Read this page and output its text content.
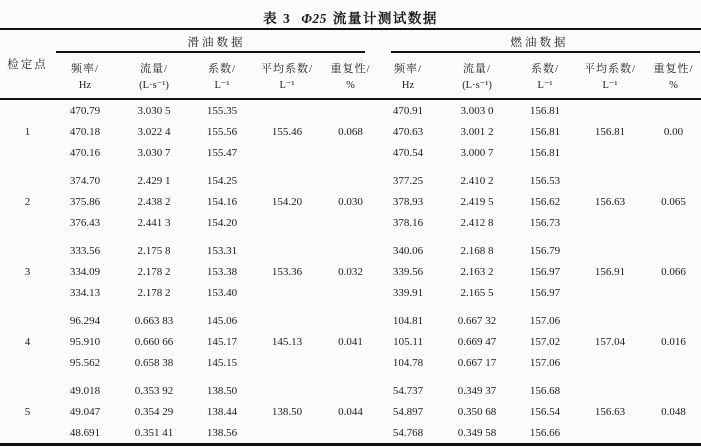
表 3 Φ25 流量计测试数据
检定点	滑油数据					燃油数据				
	频率/	流量/	系数/	平均系数/	重复性/	频率/	流量/	系数/	平均系数/	重复性/
	Hz	(L·s⁻¹)	L⁻¹	L⁻¹	%	Hz	(L·s⁻¹)	L⁻¹	L⁻¹	%
1	470.79	3.030 5	155.35	155.46	0.068	470.91	3.003 0	156.81	156.81	0.00
	470.18	3.022 4	155.56			470.63	3.001 2	156.81		
	470.16	3.030 7	155.47			470.54	3.000 7	156.81		

2	374.70	2.429 1	154.25	154.20	0.030	377.25	2.410 2	156.53	156.63	0.065
	375.86	2.438 2	154.16			378.93	2.419 5	156.62		
	376.43	2.441 3	154.20			378.16	2.412 8	156.73		

3	333.56	2.175 8	153.31	153.36	0.032	340.06	2.168 8	156.79	156.91	0.066
	334.09	2.178 2	153.38			339.56	2.163 2	156.97		
	334.13	2.178 2	153.40			339.91	2.165 5	156.97		

4	96.294	0.663 83	145.06	145.13	0.041	104.81	0.667 32	157.06	157.04	0.016
	95.910	0.660 66	145.17			105.11	0.669 47	157.02		
	95.562	0.658 38	145.15			104.78	0.667 17	157.06		

5	49.018	0.353 92	138.50	138.50	0.044	54.737	0.349 37	156.68	156.63	0.048
	49.047	0.354 29	138.44			54.897	0.350 68	156.54		
	48.691	0.351 41	138.56			54.768	0.349 58	156.66		
